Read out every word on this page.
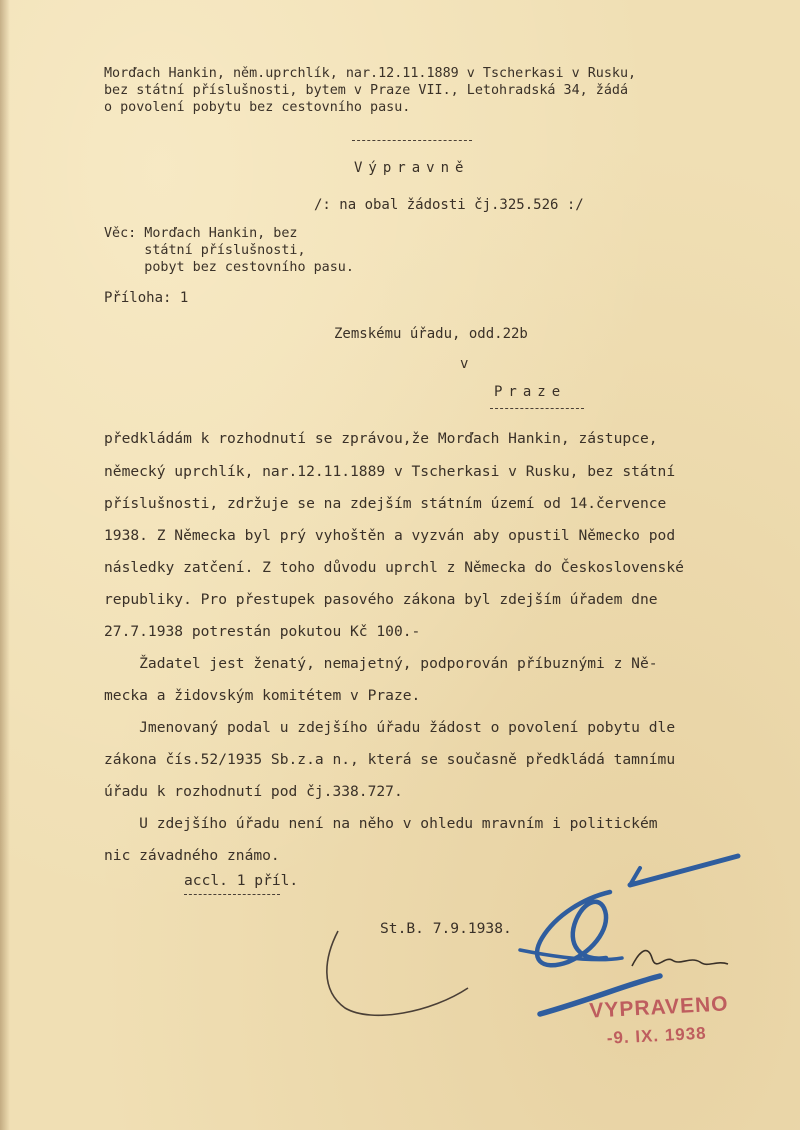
Morďach Hankin, něm.uprchlík, nar.12.11.1889 v Tscherkasi v Rusku,
bez státní příslušnosti, bytem v Praze VII., Letohradská 34, žádá
o povolení pobytu bez cestovního pasu.
Výpravně
/: na obal žádosti čj.325.526 :/
Věc: Morďach Hankin, bez
státní příslušnosti,
pobyt bez cestovního pasu.
Příloha: 1
Zemskému úřadu, odd.22b
v
Praze
předkládám k rozhodnutí se zprávou,že Morďach Hankin, zástupce,
německý uprchlík, nar.12.11.1889 v Tscherkasi v Rusku, bez státní
příslušnosti, zdržuje se na zdejším státním území od 14.července
1938. Z Německa byl prý vyhoštěn a vyzván aby opustil Německo pod
následky zatčení. Z toho důvodu uprchl z Německa do Československé
republiky. Pro přestupek pasového zákona byl zdejším úřadem dne
27.7.1938 potrestán pokutou Kč 100.-
Žadatel jest ženatý, nemajetný, podporován příbuznými z Ně-
mecka a židovským komitétem v Praze.
Jmenovaný podal u zdejšího úřadu žádost o povolení pobytu dle
zákona čís.52/1935 Sb.z.a n., která se současně předkládá tamnímu
úřadu k rozhodnutí pod čj.338.727.
U zdejšího úřadu není na něho v ohledu mravním i politickém
nic závadného známo.
accl. 1 příl.
St.B. 7.9.1938.
VYPRAVENO
-9. IX. 1938
